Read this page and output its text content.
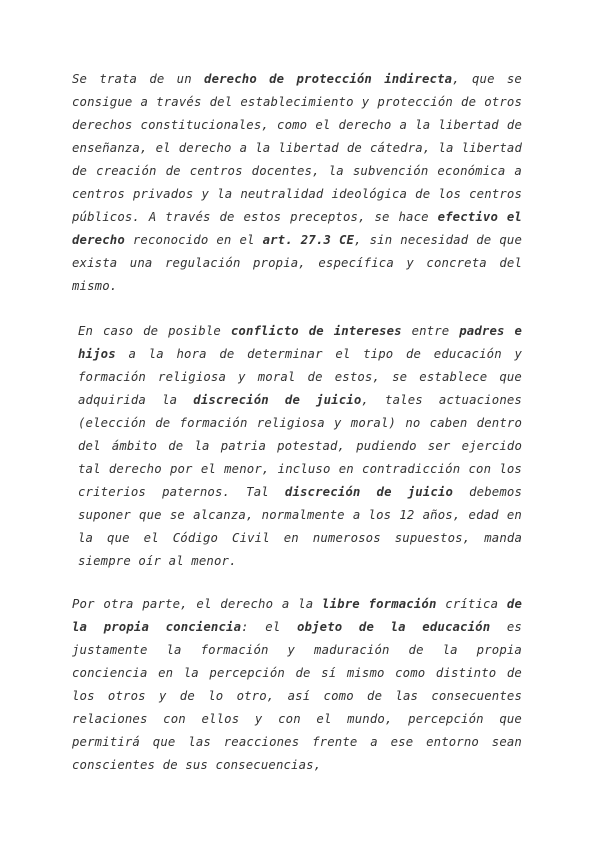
Se trata de un derecho de protección indirecta, que se consigue a través del establecimiento y protección de otros derechos constitucionales, como el derecho a la libertad de enseñanza, el derecho a la libertad de cátedra, la libertad de creación de centros docentes, la subvención económica a centros privados y la neutralidad ideológica de los centros públicos. A través de estos preceptos, se hace efectivo el derecho reconocido en el art. 27.3 CE, sin necesidad de que exista una regulación propia, específica y concreta del mismo.

En caso de posible conflicto de intereses entre padres e hijos a la hora de determinar el tipo de educación y formación religiosa y moral de estos, se establece que adquirida la discreción de juicio, tales actuaciones (elección de formación religiosa y moral) no caben dentro del ámbito de la patria potestad, pudiendo ser ejercido tal derecho por el menor, incluso en contradicción con los criterios paternos. Tal discreción de juicio debemos suponer que se alcanza, normalmente a los 12 años, edad en la que el Código Civil en numerosos supuestos, manda siempre oír al menor.

Por otra parte, el derecho a la libre formación crítica de la propia conciencia: el objeto de la educación es justamente la formación y maduración de la propia conciencia en la percepción de sí mismo como distinto de los otros y de lo otro, así como de las consecuentes relaciones con ellos y con el mundo, percepción que permitirá que las reacciones frente a ese entorno sean conscientes de sus consecuencias,
